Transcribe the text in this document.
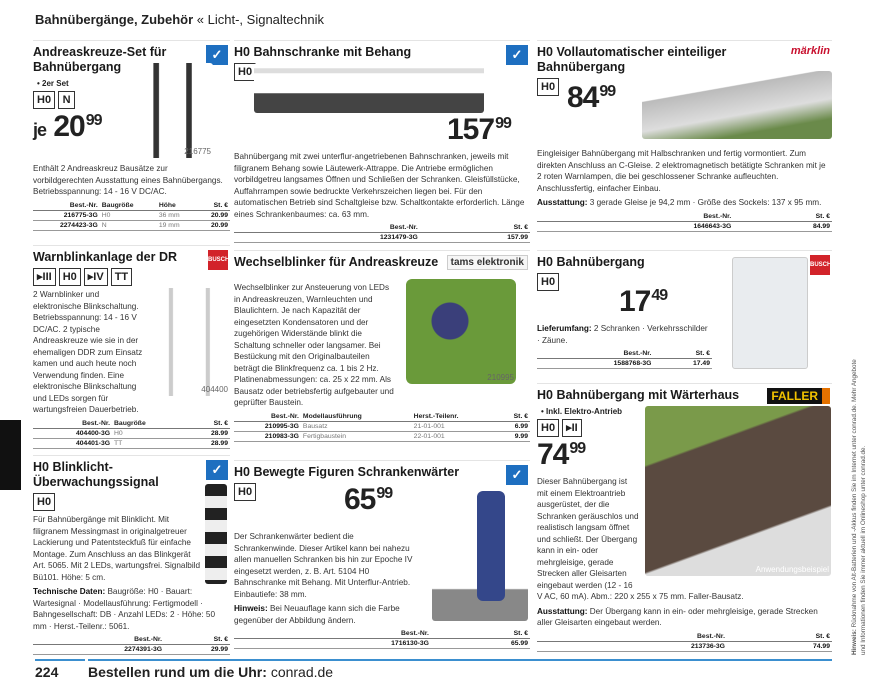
Bahnübergänge, Zubehör « Licht-, Signaltechnik
Andreaskreuze-Set für Bahnübergang
✓
• 2er Set
H0	N
216775
je $20^{99}$

Enthält 2 Andreaskreuz Bausätze zur vorbildgerechten Ausstattung eines Bahnübergangs. Betriebsspannung: 14 - 16 V DC/AC.

Best.-Nr.	Baugröße	Höhe	St. €
216775-3G	H0	36 mm	20.99
2274423-3G	N	19 mm	20.99
Warnblinkanlage der DR	BUSCH
▸III	H0	▸IV	TT
404400

2 Warnblinker und elektronische Blinkschaltung. Betriebsspannung: 14 - 16 V DC/AC. 2 typische Andreaskreuze wie sie in der ehemaligen DDR zum Einsatz kamen und auch heute noch Verwendung finden. Eine elektronische Blinkschaltung und LEDs sorgen für wartungsfreien Dauerbetrieb.

Best.-Nr.	Baugröße	St. €
404400-3G	H0	28.99
404401-3G	TT	28.99
H0 Blinklicht-Überwachungssignal
✓
H0

Für Bahnübergänge mit Blinklicht. Mit filigranem Messingmast in originalgetreuer Lackierung und Patentsteckfuß für einfache Montage. Zum Anschluss an das Blinkgerät Art. 5065. Mit 2 LEDs, wartungsfrei. Signalbild Bü101. Höhe: 5 cm.

Technische Daten: Baugröße: H0 · Bauart: Wartesignal · Modellausführung: Fertigmodell · Bahngesellschaft: DB · Anzahl LEDs: 2 · Höhe: 50 mm · Herst.-Teilenr.: 5061.

Best.-Nr.	St. €
2274391-3G	29.99
H0 Bahnschranke mit Behang	✓
H0
$157^{99}$

Bahnübergang mit zwei unterflur-angetriebenen Bahnschranken, jeweils mit filigranem Behang sowie Läutewerk-Attrappe. Die Antriebe ermöglichen vorbildgetreu langsames Öffnen und Schließen der Schranken. Gleisfüllstücke, Auffahrrampen sowie bedruckte Verkehrszeichen liegen bei. Für den automatischen Betrieb sind Schaltgleise bzw. Schaltkontakte erforderlich. Länge eines Schrankenbaumes: ca. 63 mm.

Best.-Nr.	St. €
1231479-3G	157.99
Wechselblinker für Andreaskreuze	tams elektronik
210995

Wechselblinker zur Ansteuerung von LEDs in Andreaskreuzen, Warnleuchten und Blaulichtern. Je nach Kapazität der eingesetzten Kondensatoren und der zugehörigen Widerstände blinkt die Schaltung schneller oder langsamer. Bei Bestückung mit den Originalbauteilen beträgt die Blinkfrequenz ca. 1 bis 2 Hz. Platinenabmessungen: ca. 25 x 22 mm. Als Bausatz oder betriebsfertig aufgebauter und geprüfter Baustein.

Best.-Nr.	Modellausführung	Herst.-Teilenr.	St. €
210995-3G	Bausatz	21-01-001	6.99
210983-3G	Fertigbaustein	22-01-001	9.99
H0 Bewegte Figuren Schrankenwärter	✓
H0	$65^{99}$

Der Schrankenwärter bedient die Schrankenwinde. Dieser Artikel kann bei nahezu allen manuellen Schranken bis hin zur Epoche IV eingesetzt werden, z. B. Art. 5104 H0 Bahnschranke mit Behang. Mit Unterflur-Antrieb. Einbautiefe: 38 mm.

Hinweis: Bei Neuauflage kann sich die Farbe gegenüber der Abbildung ändern.

Best.-Nr.	St. €
1716130-3G	65.99
H0 Vollautomatischer einteiliger Bahnübergang
märklin
H0 $84^{99}$

Eingleisiger Bahnübergang mit Halbschranken und fertig vormontiert. Zum direkten Anschluss an C-Gleise. 2 elektromagnetisch betätigte Schranken mit je 2 roten Warnlampen, die bei geschlossener Schranke aufleuchten. Anschlussfertig, einfacher Einbau.

Ausstattung: 3 gerade Gleise je 94,2 mm · Größe des Sockels: 137 x 95 mm.

Best.-Nr.	St. €
1646643-3G	84.99
H0 Bahnübergang	BUSCH
H0
$17^{49}$

Lieferumfang: 2 Schranken · Verkehrsschilder · Zäune.

Best.-Nr.	St. €
1588768-3G	17.49
H0 Bahnübergang mit Wärterhaus	FALLER
• Inkl. Elektro-Antrieb
H0	▸II
Anwendungsbeispiel
$74^{99}$

Dieser Bahnübergang ist mit einem Elektroantrieb ausgerüstet, der die Schranken geräuschlos und realistisch langsam öffnet und schließt. Der Übergang kann in ein- oder mehrgleisige, gerade Strecken aller Gleisarten eingebaut werden (12 - 16 V AC, 60 mA). Abm.: 220 x 255 x 75 mm. Faller-Bausatz.

Ausstattung: Der Übergang kann in ein- oder mehrgleisige, gerade Strecken aller Gleisarten eingebaut werden.

Best.-Nr.	St. €
213736-3G	74.99
224 Bestellen rund um die Uhr: conrad.de
Hinweis: Rücknahme von Alt-Batterien und -Akkus finden Sie im Internet unter conrad.de. Mehr Angebote und Informationen finden Sie immer aktuell im Onlineshop unter conrad.de.
